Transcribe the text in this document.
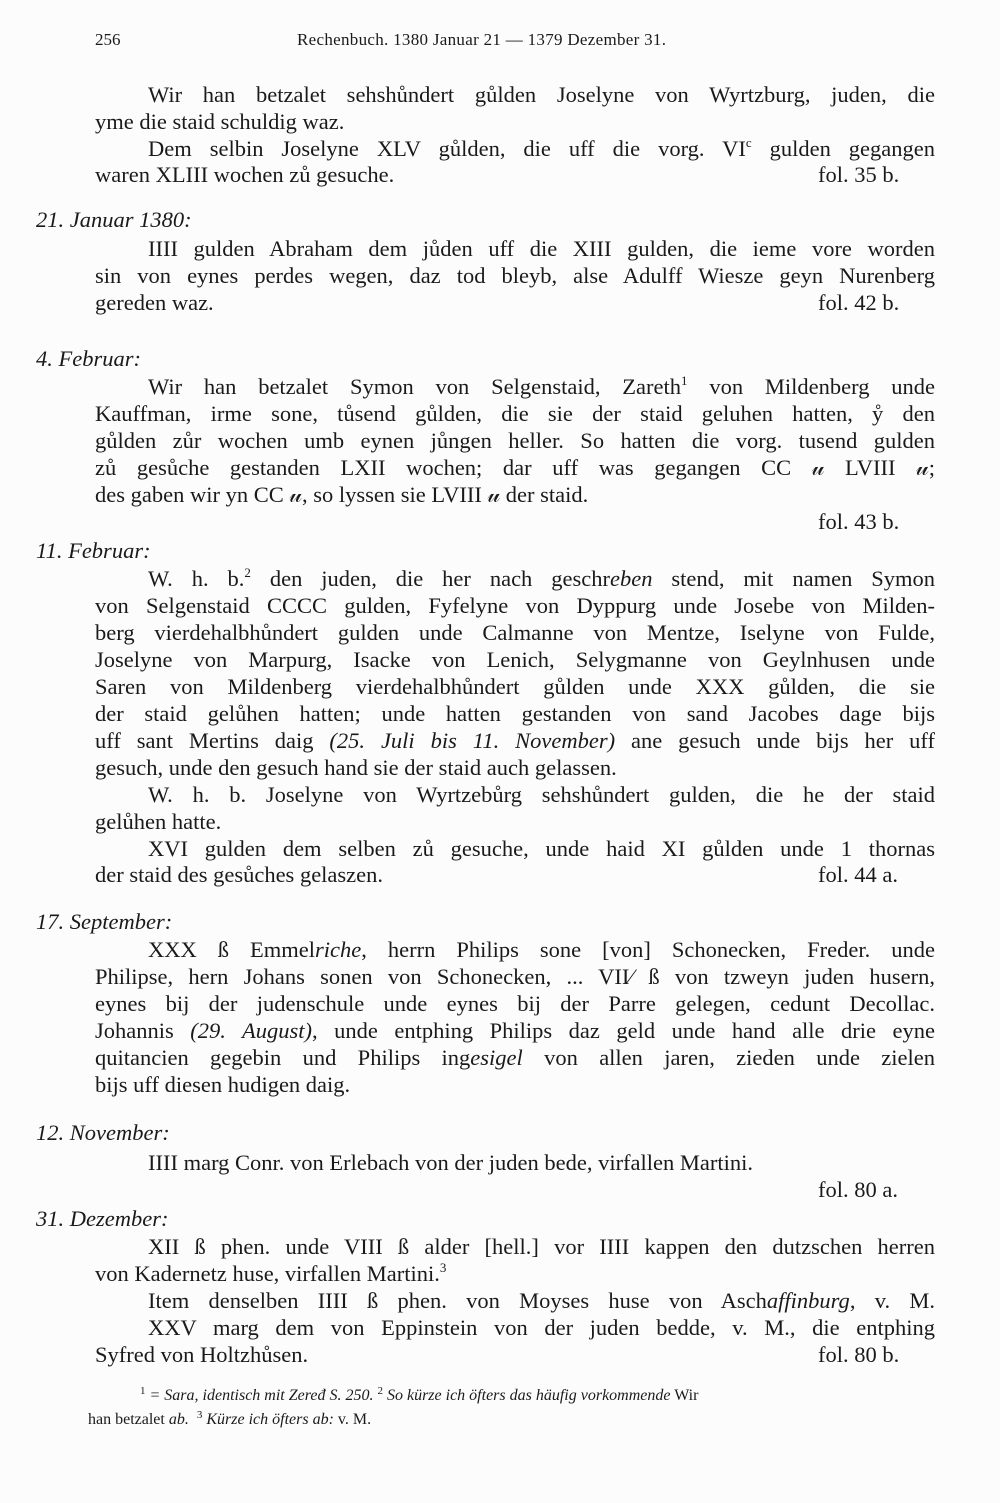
256	Rechenbuch. 1380 Januar 21 — 1379 Dezember 31.
Wir han betzalet sehshůndert gůlden Joselyne von Wyrtzburg, juden, die
yme die staid schuldig waz.
Dem selbin Joselyne XLV gůlden, die uff die vorg. $VI^c$ gulden gegangen
waren XLIII wochen zů gesuche.	fol. 35 b.
21. Januar 1380:
IIII gulden Abraham dem jůden uff die XIII gulden, die ieme vore worden
sin von eynes perdes wegen, daz tod bleyb, alse Adulff Wiesze geyn Nurenberg
gereden waz.	fol. 42 b.
4. Februar:
Wir han betzalet Symon von Selgenstaid, Zareth$^1$ von Mildenberg unde
Kauffman, irme sone, tůsend gůlden, die sie der staid geluhen hatten, ẙ den
gůlden zůr wochen umb eynen jůngen heller. So hatten die vorg. tusend gulden
zů gesůche gestanden LXII wochen; dar uff was gegangen CC 𝓊 LVIII 𝓊;
des gaben wir yn CC 𝓊, so lyssen sie LVIII 𝓊 der staid.
fol. 43 b.
11. Februar:
W. h. b.$^2$ den juden, die her nach geschreben stend, mit namen Symon
von Selgenstaid CCCC gulden, Fyfelyne von Dyppurg unde Josebe von Milden-
berg vierdehalbhůndert gulden unde Calmanne von Mentze, Iselyne von Fulde,
Joselyne von Marpurg, Isacke von Lenich, Selygmanne von Geylnhusen unde
Saren von Mildenberg vierdehalbhůndert gůlden unde XXX gůlden, die sie
der staid gelůhen hatten; unde hatten gestanden von sand Jacobes dage bijs
uff sant Mertins daig (25. Juli bis 11. November) ane gesuch unde bijs her uff
gesuch, unde den gesuch hand sie der staid auch gelassen.
W. h. b. Joselyne von Wyrtzebůrg sehshůndert gulden, die he der staid
gelůhen hatte.
XVI gulden dem selben zů gesuche, unde haid XI gůlden unde 1 thornas
der staid des gesůches gelaszen.	fol. 44 a.
17. September:
XXX ß Emmelriche, herrn Philips sone [von] Schonecken, Freder. unde
Philipse, hern Johans sonen von Schonecken, ... VII⁄ ß von tzweyn juden husern,
eynes bij der judenschule unde eynes bij der Parre gelegen, cedunt Decollac.
Johannis (29. August), unde entphing Philips daz geld unde hand alle drie eyne
quitancien gegebin und Philips ingesigel von allen jaren, zieden unde zielen
bijs uff diesen hudigen daig.
12. November:
IIII marg Conr. von Erlebach von der juden bede, virfallen Martini.
fol. 80 a.
31. Dezember:
XII ß phen. unde VIII ß alder [hell.] vor IIII kappen den dutzschen herren
von Kadernetz huse, virfallen Martini.$^3$
Item denselben IIII ß phen. von Moyses huse von Aschaffinburg, v. M.
XXV marg dem von Eppinstein von der juden bedde, v. M., die entphing
Syfred von Holtzhůsen.	fol. 80 b.
$^1$ = Sara, identisch mit Zeređ S. 250. $^2$ So kürze ich öfters das häufig vorkommende Wir
han betzalet ab. $^3$ Kürze ich öfters ab: v. M.
